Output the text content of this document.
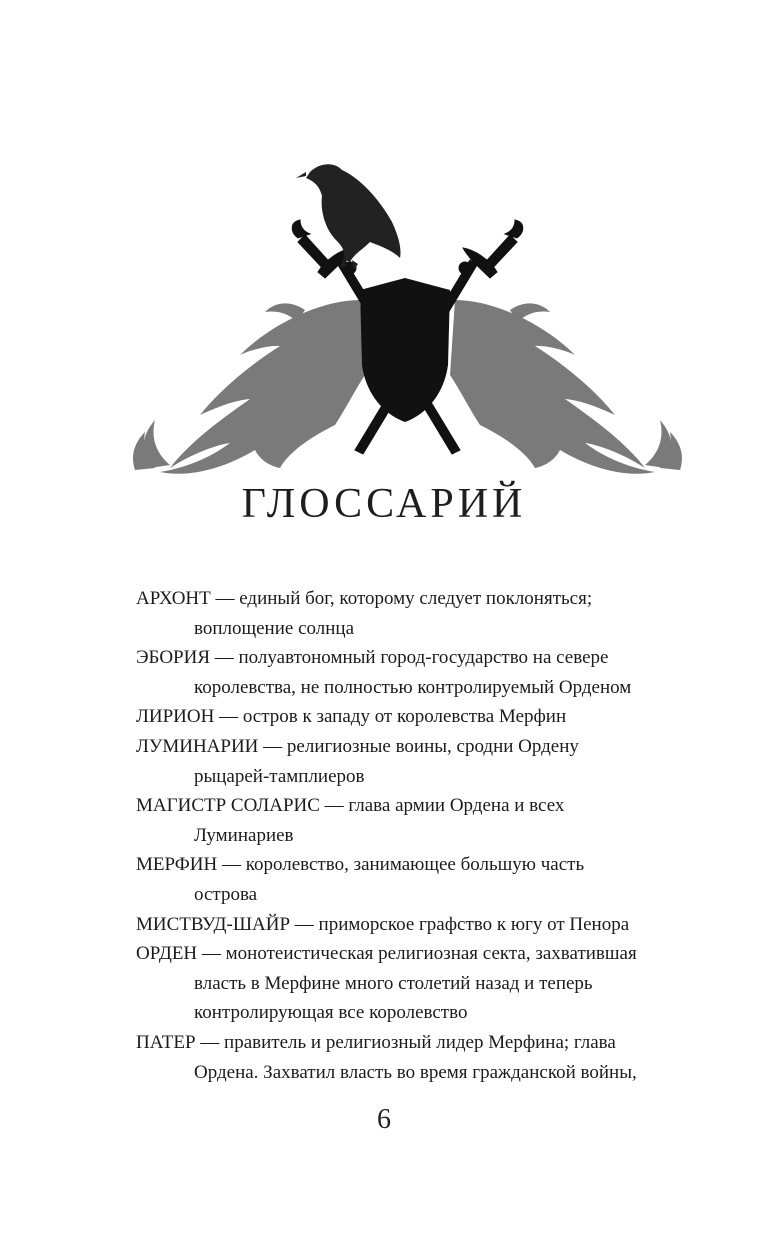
ГЛОССАРИЙ
АРХОНТ — единый бог, которому следует поклоняться;
воплощение солнца
ЭБОРИЯ — полуавтономный город-государство на севере
королевства, не полностью контролируемый Орденом
ЛИРИОН — остров к западу от королевства Мерфин
ЛУМИНАРИИ — религиозные воины, сродни Ордену
рыцарей-тамплиеров
МАГИСТР СОЛАРИС — глава армии Ордена и всех
Луминариев
МЕРФИН — королевство, занимающее большую часть
острова
МИСТВУД-ШАЙР — приморское графство к югу от Пенора
ОРДЕН — монотеистическая религиозная секта, захватившая
власть в Мерфине много столетий назад и теперь
контролирующая все королевство
ПАТЕР — правитель и религиозный лидер Мерфина; глава
Ордена. Захватил власть во время гражданской войны,
6
